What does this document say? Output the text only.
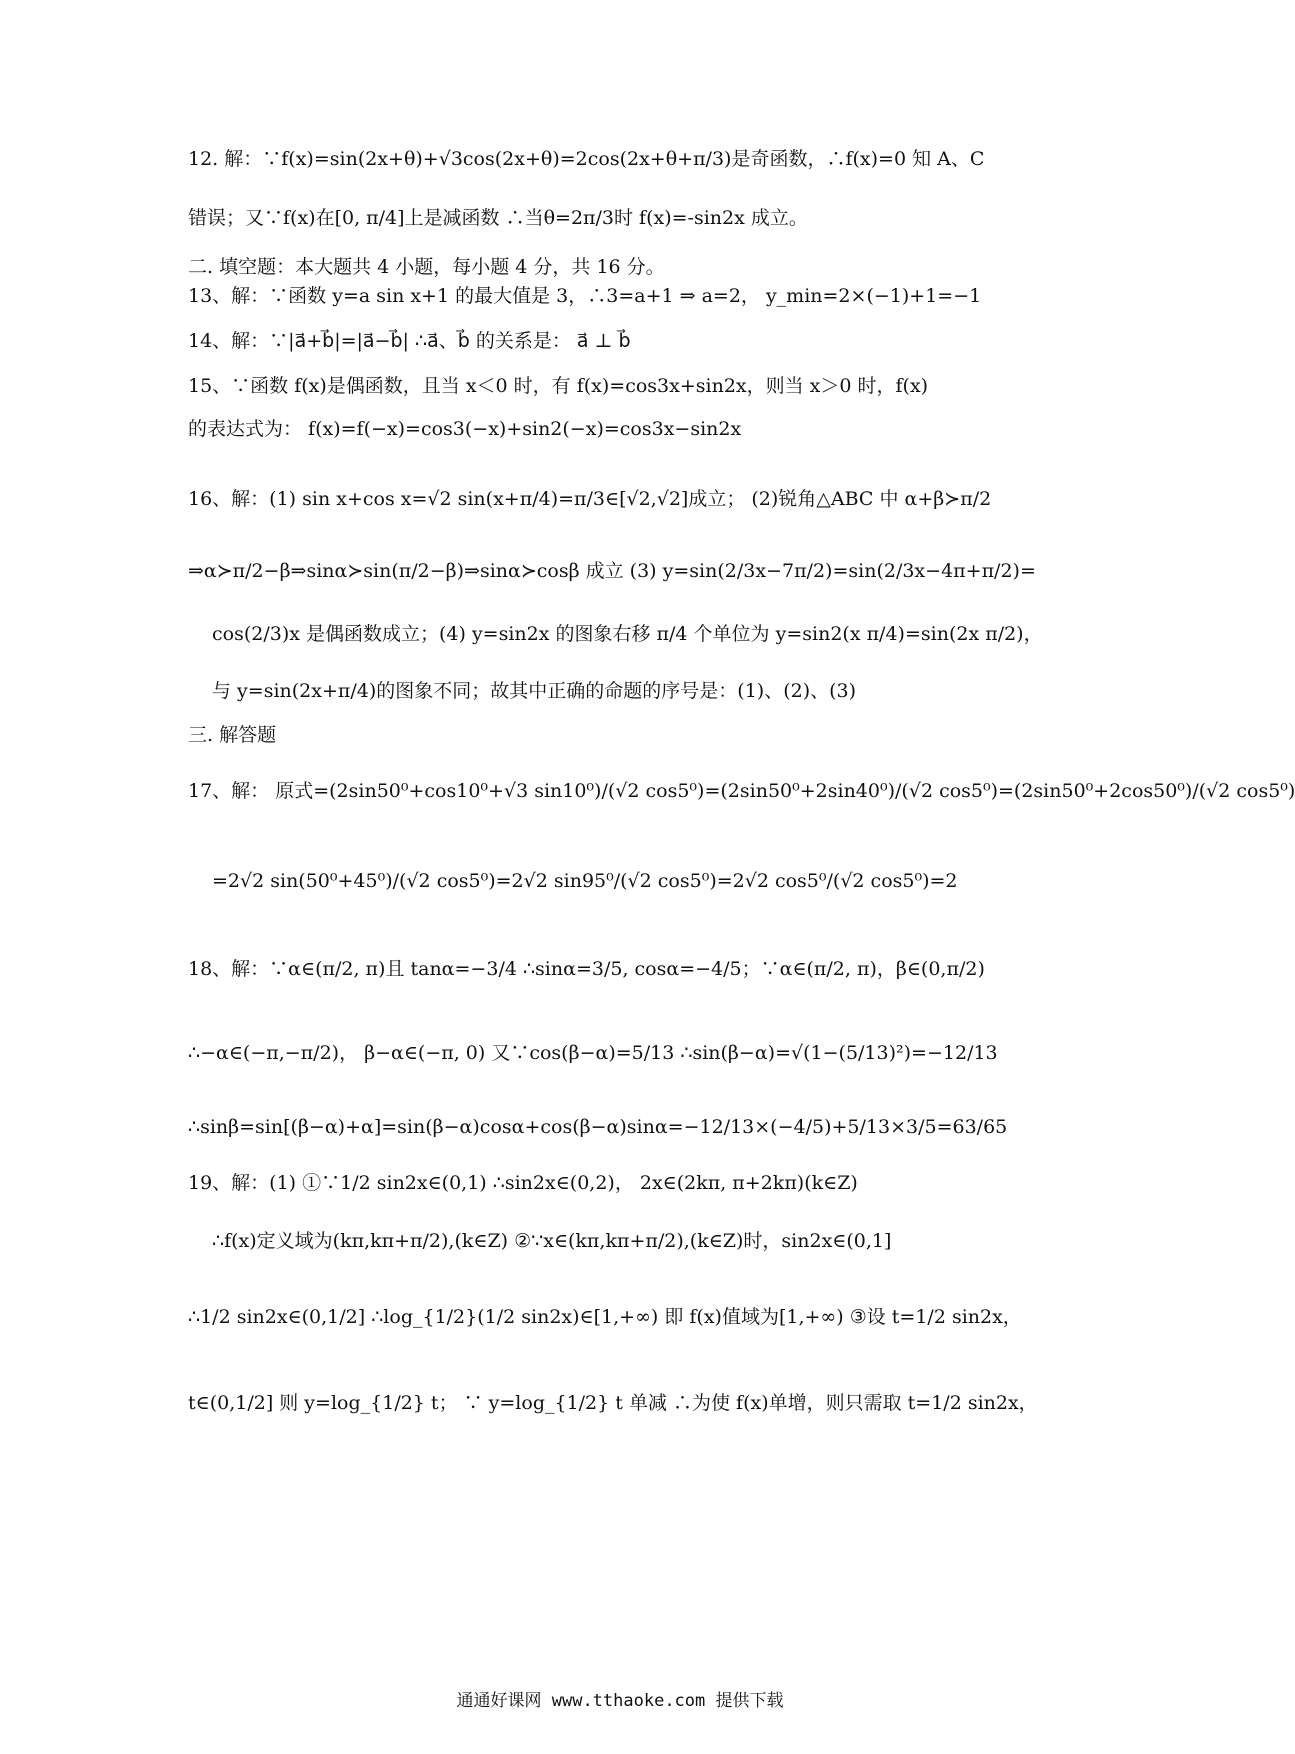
12. 解：∵f(x)=sin(2x+θ)+√3cos(2x+θ)=2cos(2x+θ+π/3)是奇函数，∴f(x)=0 知 A、C
错误；又∵f(x)在[0, π/4]上是减函数 ∴当θ=2π/3时 f(x)=-sin2x 成立。
二. 填空题：本大题共 4 小题，每小题 4 分，共 16 分。
13、解：∵函数 y=a sin x+1 的最大值是 3，∴3=a+1 ⇒ a=2， y_min=2×(−1)+1=−1
14、解：∵|a⃗+b⃗|=|a⃗−b⃗| ∴a⃗、b⃗ 的关系是： a⃗ ⊥ b⃗
15、∵函数 f(x)是偶函数，且当 x＜0 时，有 f(x)=cos3x+sin2x，则当 x＞0 时，f(x)
的表达式为： f(x)=f(−x)=cos3(−x)+sin2(−x)=cos3x−sin2x
16、解：(1) sin x+cos x=√2 sin(x+π/4)=π/3∈[√2,√2]成立； (2)锐角△ABC 中 α+β≻π/2
⇒α≻π/2−β⇒sinα≻sin(π/2−β)⇒sinα≻cosβ 成立 (3) y=sin(2/3x−7π/2)=sin(2/3x−4π+π/2)=
cos(2/3)x 是偶函数成立；(4) y=sin2x 的图象右移 π/4 个单位为 y=sin2(x π/4)=sin(2x π/2)，
与 y=sin(2x+π/4)的图象不同；故其中正确的命题的序号是：(1)、(2)、(3)
三. 解答题
17、解： 原式=(2sin50⁰+cos10⁰+√3 sin10⁰)/(√2 cos5⁰)=(2sin50⁰+2sin40⁰)/(√2 cos5⁰)=(2sin50⁰+2cos50⁰)/(√2 cos5⁰)
=2√2 sin(50⁰+45⁰)/(√2 cos5⁰)=2√2 sin95⁰/(√2 cos5⁰)=2√2 cos5⁰/(√2 cos5⁰)=2
18、解：∵α∈(π/2, π)且 tanα=−3/4 ∴sinα=3/5, cosα=−4/5；∵α∈(π/2, π)，β∈(0,π/2)
∴−α∈(−π,−π/2)， β−α∈(−π, 0) 又∵cos(β−α)=5/13 ∴sin(β−α)=√(1−(5/13)²)=−12/13
∴sinβ=sin[(β−α)+α]=sin(β−α)cosα+cos(β−α)sinα=−12/13×(−4/5)+5/13×3/5=63/65
19、解：(1) ①∵1/2 sin2x∈(0,1) ∴sin2x∈(0,2)， 2x∈(2kπ, π+2kπ)(k∈Z)
∴f(x)定义域为(kπ,kπ+π/2),(k∈Z) ②∵x∈(kπ,kπ+π/2),(k∈Z)时，sin2x∈(0,1]
∴1/2 sin2x∈(0,1/2] ∴log_{1/2}(1/2 sin2x)∈[1,+∞) 即 f(x)值域为[1,+∞) ③设 t=1/2 sin2x，
t∈(0,1/2] 则 y=log_{1/2} t； ∵ y=log_{1/2} t 单减 ∴为使 f(x)单增，则只需取 t=1/2 sin2x，
通通好课网 www.tthaoke.com 提供下载
